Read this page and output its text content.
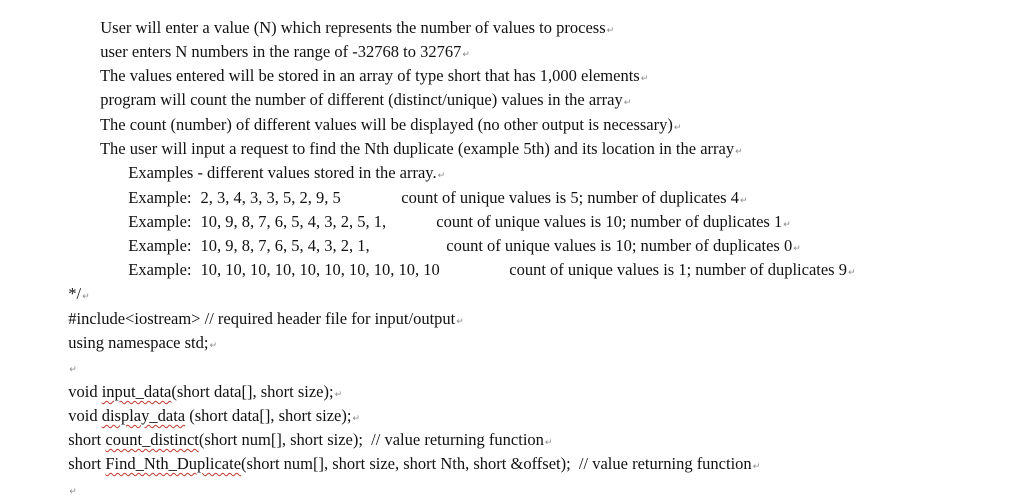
User will enter a value (N) which represents the number of values to process↵

user enters N numbers in the range of -32768 to 32767↵

The values entered will be stored in an array of type short that has 1,000 elements↵

program will count the number of different (distinct/unique) values in the array↵

The count (number) of different values will be displayed (no other output is necessary)↵

The user will input a request to find the Nth duplicate (example 5th) and its location in the array↵

Examples - different values stored in the array.↵

Example: 2, 3, 4, 3, 3, 5, 2, 9, 5	count of unique values is 5; number of duplicates 4↵

Example: 10, 9, 8, 7, 6, 5, 4, 3, 2, 5, 1,	count of unique values is 10; number of duplicates 1↵

Example: 10, 9, 8, 7, 6, 5, 4, 3, 2, 1,	count of unique values is 10; number of duplicates 0↵

Example: 10, 10, 10, 10, 10, 10, 10, 10, 10, 10	count of unique values is 1; number of duplicates 9↵

*/↵

#include<iostream> // required header file for input/output↵

using namespace std;↵

↵

void input_data(short data[], short size);↵

void display_data (short data[], short size);↵

short count_distinct(short num[], short size);  // value returning function↵

short Find_Nth_Duplicate(short num[], short size, short Nth, short &offset);  // value returning function↵

↵
